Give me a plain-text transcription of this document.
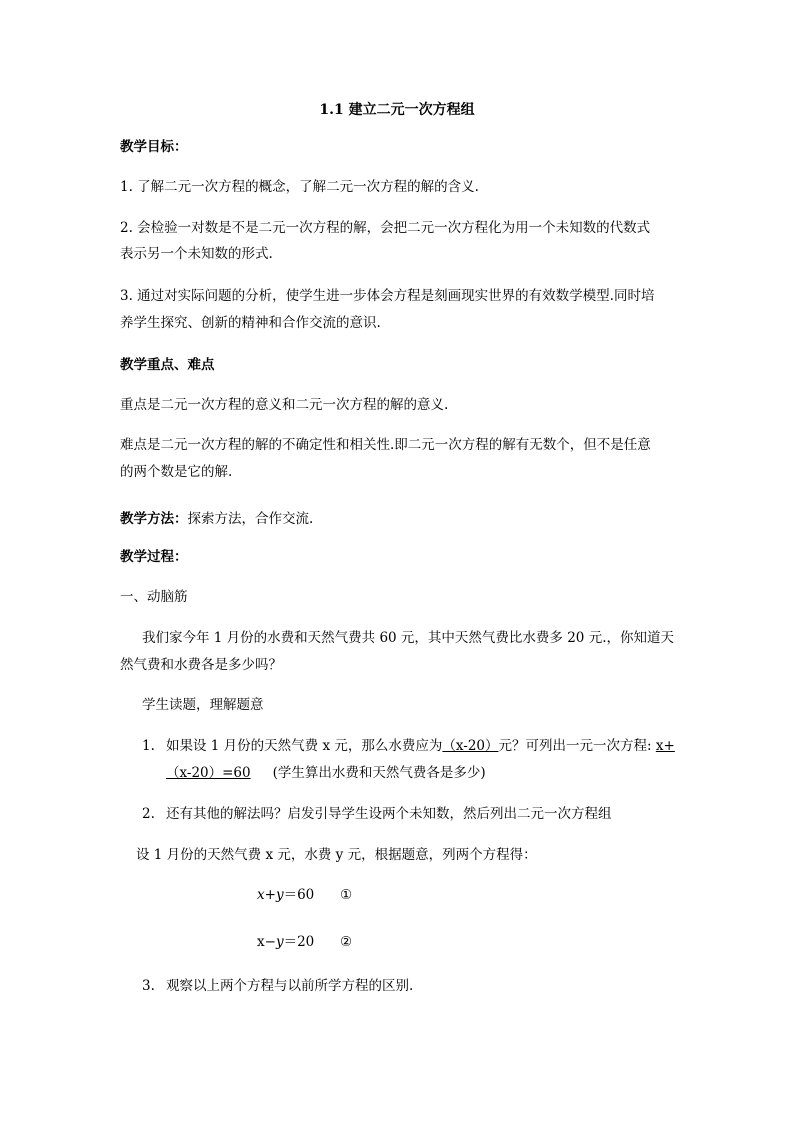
1.1 建立二元一次方程组
教学目标：
1. 了解二元一次方程的概念，了解二元一次方程的解的含义.
2. 会检验一对数是不是二元一次方程的解，会把二元一次方程化为用一个未知数的代数式
表示另一个未知数的形式.
3. 通过对实际问题的分析，使学生进一步体会方程是刻画现实世界的有效数学模型.同时培
养学生探究、创新的精神和合作交流的意识.
教学重点、难点
重点是二元一次方程的意义和二元一次方程的解的意义.
难点是二元一次方程的解的不确定性和相关性.即二元一次方程的解有无数个，但不是任意
的两个数是它的解.
教学方法：探索方法，合作交流.
教学过程：
一、动脑筋
我们家今年 1 月份的水费和天然气费共 60 元，其中天然气费比水费多 20 元.，你知道天
然气费和水费各是多少吗？
学生读题，理解题意
1. 如果设 1 月份的天然气费 x 元，那么水费应为（x-20）元？可列出一元一次方程: x+
（x-20）=60 (学生算出水费和天然气费各是多少)
2. 还有其他的解法吗？启发引导学生设两个未知数，然后列出二元一次方程组
设 1 月份的天然气费 x 元，水费 y 元，根据题意，列两个方程得：
x+y＝60 ①
x−y＝20 ②
3. 观察以上两个方程与以前所学方程的区别.
